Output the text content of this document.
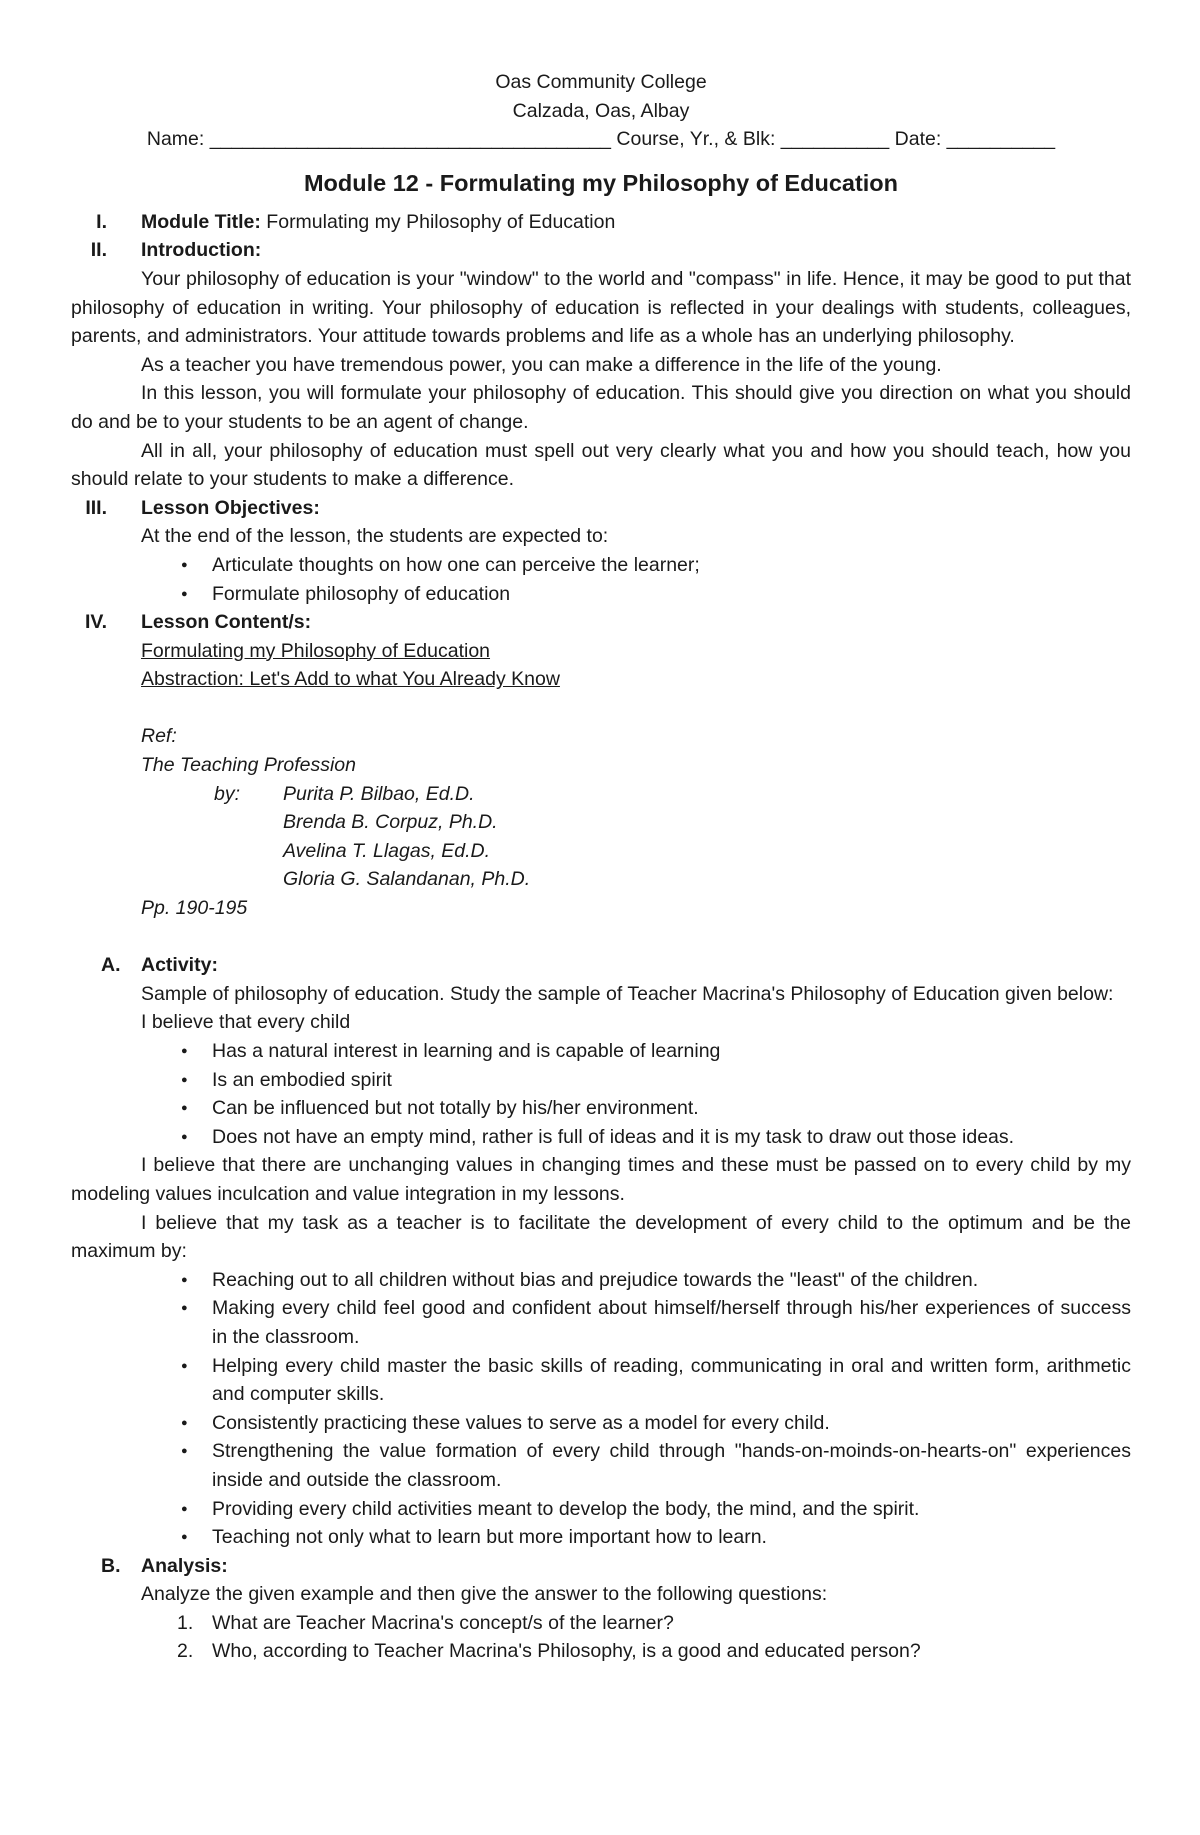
Oas Community College
Calzada, Oas, Albay
Name: _____________________________________ Course, Yr., & Blk: __________ Date: __________
Module 12 - Formulating my Philosophy of Education
I. Module Title: Formulating my Philosophy of Education
II. Introduction:
Your philosophy of education is your "window" to the world and "compass" in life. Hence, it may be good to put that philosophy of education in writing. Your philosophy of education is reflected in your dealings with students, colleagues, parents, and administrators. Your attitude towards problems and life as a whole has an underlying philosophy.
As a teacher you have tremendous power, you can make a difference in the life of the young.
In this lesson, you will formulate your philosophy of education. This should give you direction on what you should do and be to your students to be an agent of change.
All in all, your philosophy of education must spell out very clearly what you and how you should teach, how you should relate to your students to make a difference.
III. Lesson Objectives:
At the end of the lesson, the students are expected to:
● Articulate thoughts on how one can perceive the learner;
● Formulate philosophy of education
IV. Lesson Content/s:
Formulating my Philosophy of Education
Abstraction: Let's Add to what You Already Know
Ref:
The Teaching Profession
by: Purita P. Bilbao, Ed.D.
Brenda B. Corpuz, Ph.D.
Avelina T. Llagas, Ed.D.
Gloria G. Salandanan, Ph.D.
Pp. 190-195
A. Activity:
Sample of philosophy of education. Study the sample of Teacher Macrina's Philosophy of Education given below:
I believe that every child
● Has a natural interest in learning and is capable of learning
● Is an embodied spirit
● Can be influenced but not totally by his/her environment.
● Does not have an empty mind, rather is full of ideas and it is my task to draw out those ideas.
I believe that there are unchanging values in changing times and these must be passed on to every child by my modeling values inculcation and value integration in my lessons.
I believe that my task as a teacher is to facilitate the development of every child to the optimum and be the maximum by:
● Reaching out to all children without bias and prejudice towards the "least" of the children.
● Making every child feel good and confident about himself/herself through his/her experiences of success in the classroom.
● Helping every child master the basic skills of reading, communicating in oral and written form, arithmetic and computer skills.
● Consistently practicing these values to serve as a model for every child.
● Strengthening the value formation of every child through "hands-on-moinds-on-hearts-on" experiences inside and outside the classroom.
● Providing every child activities meant to develop the body, the mind, and the spirit.
● Teaching not only what to learn but more important how to learn.
B. Analysis:
Analyze the given example and then give the answer to the following questions:
1. What are Teacher Macrina's concept/s of the learner?
2. Who, according to Teacher Macrina's Philosophy, is a good and educated person?
